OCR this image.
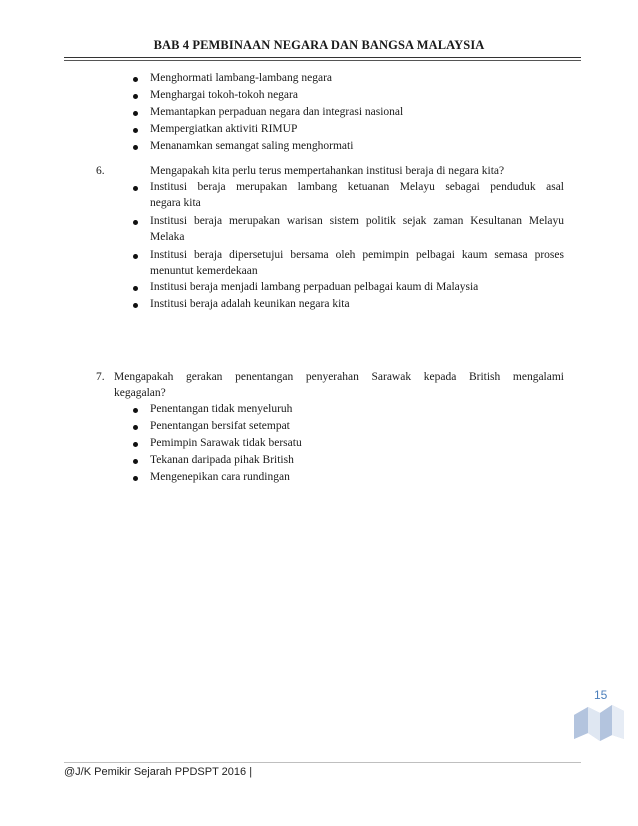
BAB 4 PEMBINAAN NEGARA DAN BANGSA MALAYSIA
Menghormati lambang-lambang negara
Menghargai tokoh-tokoh negara
Memantapkan perpaduan negara dan integrasi nasional
Mempergiatkan aktiviti RIMUP
Menanamkan semangat saling menghormati
6.	Mengapakah kita perlu terus mempertahankan institusi beraja di negara kita?
Institusi beraja merupakan lambang ketuanan Melayu sebagai penduduk asal
negara kita
Institusi beraja merupakan warisan sistem politik sejak zaman Kesultanan Melayu
Melaka
Institusi beraja dipersetujui bersama oleh pemimpin pelbagai kaum semasa proses
menuntut kemerdekaan
Institusi beraja menjadi lambang perpaduan pelbagai kaum di Malaysia
Institusi beraja adalah keunikan negara kita
7. Mengapakah gerakan penentangan penyerahan Sarawak kepada British mengalami
kegagalan?
Penentangan tidak menyeluruh
Penentangan bersifat setempat
Pemimpin Sarawak tidak bersatu
Tekanan daripada pihak British
Mengenepikan cara rundingan
15
@J/K Pemikir Sejarah PPDSPT 2016 |
